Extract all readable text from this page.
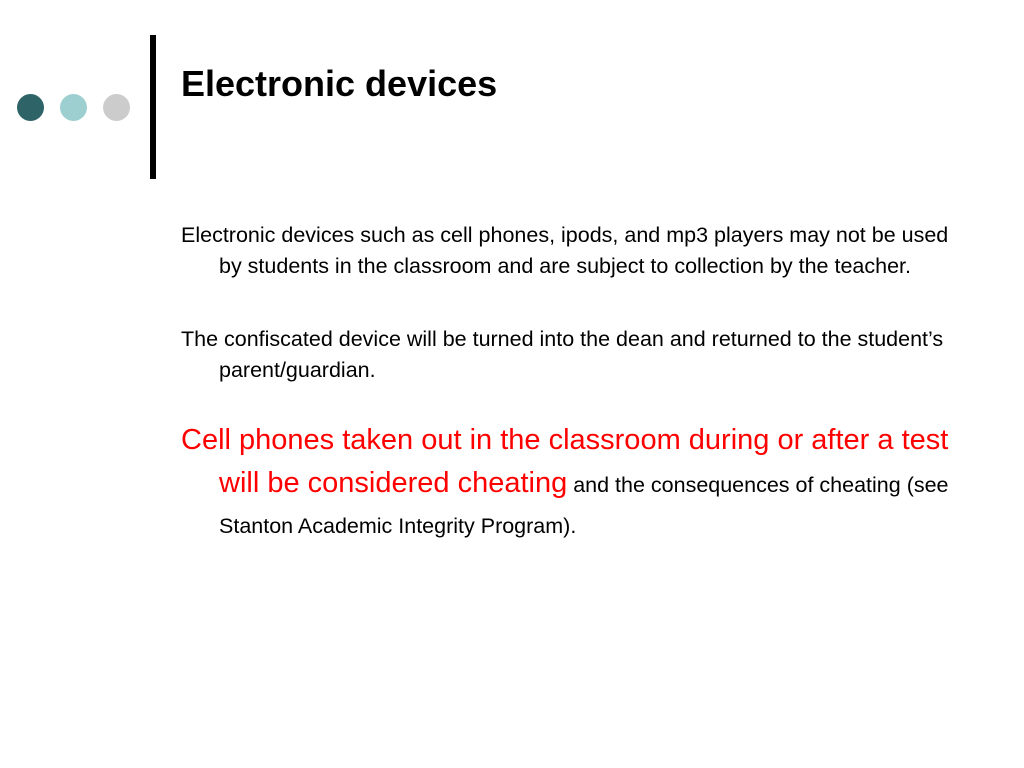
Electronic devices

Electronic devices such as cell phones, ipods, and mp3 players may not be used by students in the classroom and are subject to collection by the teacher.

The confiscated device will be turned into the dean and returned to the student’s parent/guardian.

Cell phones taken out in the classroom during or after a test will be considered cheating and the consequences of cheating (see Stanton Academic Integrity Program).
